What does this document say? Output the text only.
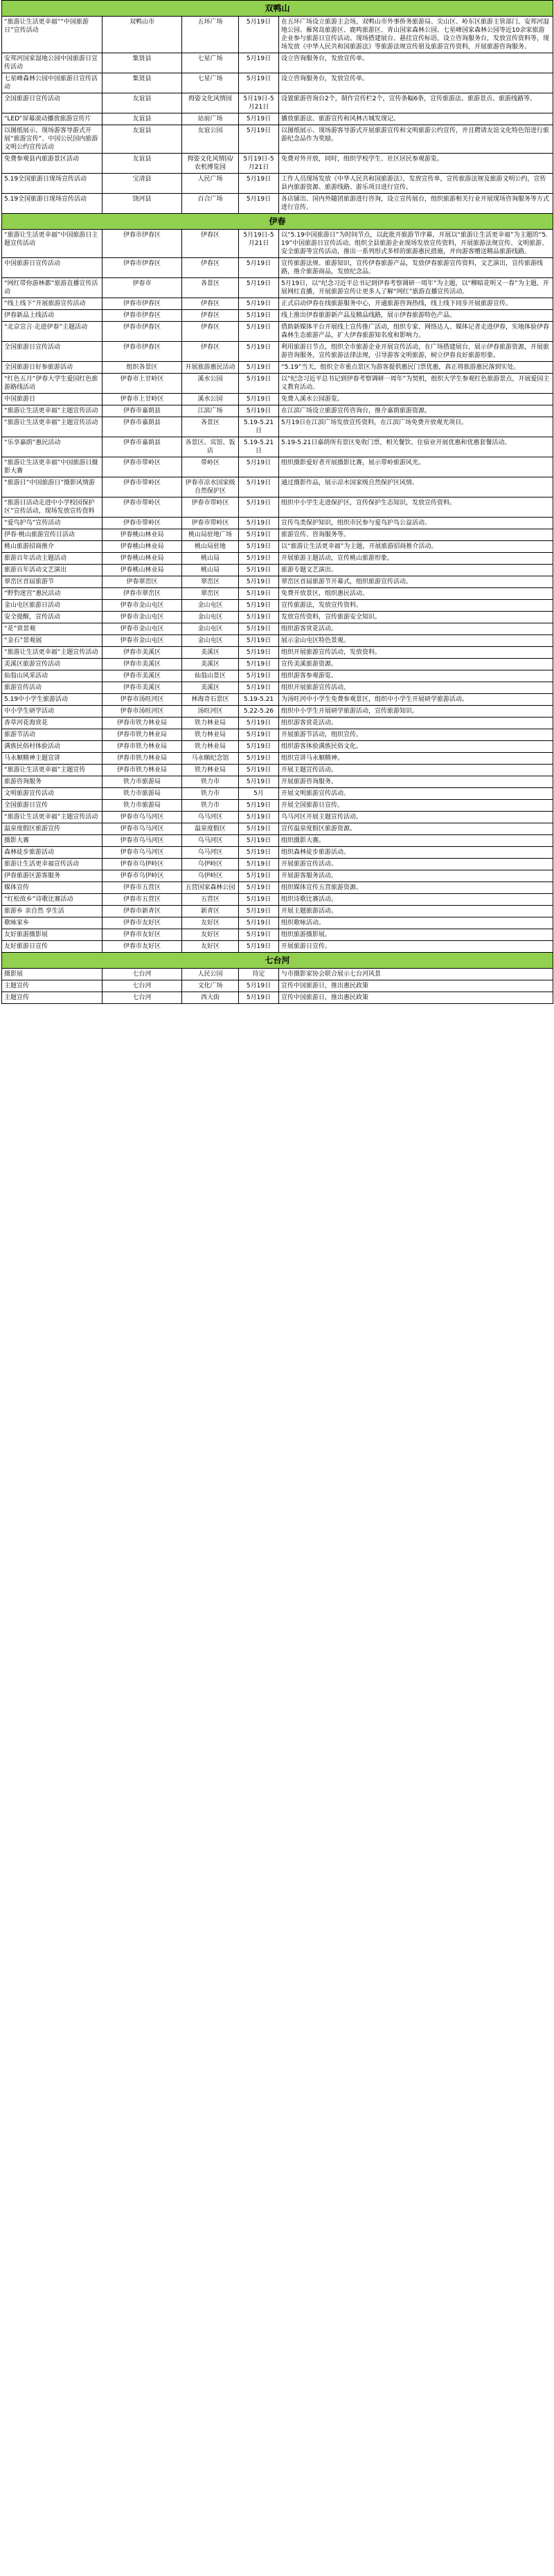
双鸭山				
“旅游让生活更幸福”“中国旅游日”宣传活动	双鸭山市	五环广场	5月19日	在五环广场设立旅游主会场，双鸭山市外事侨务旅游局、尖山区、岭东区旅游主管部门、安邦河湿地公园、雁窝岛旅游区、鹿鸣旅游区、青山国家森林公园、七星峰国家森林公园等近10余家旅游企业参与旅游日宣传活动。现场搭建展台、悬挂宣传标语，设立咨询服务台，发放宣传资料等，现场发放《中华人民共和国旅游法》等旅游法规宣传册及旅游宣传资料，开展旅游咨询服务。
安邦河国家湿地公园中国旅游日宣传活动	集贤县	七星广场	5月19日	设立咨询服务台，发放宣传单。
七星峰森林公园中国旅游日宣传活动	集贤县	七星广场	5月19日	设立咨询服务台，发放宣传单。
全国旅游日宣传活动	友谊县	拇姿文化风情园	5月19日-5月21日	设置旅游咨询台2个，制作宣传栏2个，宣传条幅6条，宣传旅游法、旅游景点、旅游线路等。
“LED”屏幕滚动播放旅游宣传片	友谊县	站前广场	5月19日	播放旅游法、旅游宣传和风林古城发现记。
以图纸展示、现场游客导游式开展“旅游宣传”、中国公民国内旅游文明公约宣传活动	友谊县	友谊公园	5月19日	以图纸展示、现场游客导游式开展旅游宣传和文明旅游公约宣传，并且聘请友谊文化特色馆进行旅游纪念品作为奖励。
免费参观县内旅游景区活动	友谊县	拇姿文化风情园/农机博览园	5月19日-5月21日	免费对外开放，同时，组织学校学生、社区居民参观游览。
5.19全国旅游日现场宣传活动	宝清县	人民广场	5月19日	工作人员现场发放《中华人民共和国旅游法》，发放宣传单，宣传旅游法规及旅游文明公约，宣传县内旅游资源、旅游线路、游乐项目进行宣传。
5.19全国旅游日现场宣传活动	饶河县	百合广场	5月19日	各店铺出、国内外随团旅游进行咨询，设立宣传展台，组织旅游相关行业开展现场咨询服务等方式进行宣传。
伊春				
“旅游让生活更幸福”中国旅游日主题宣传活动	伊春市伊春区	伊春区	5月19日-5月21日	以“5.19中国旅游日”为时间节点，以此批开旅游节序幕，开展以“旅游让生活更幸福”为主题的“5.19”中国旅游日宣传活动。组织全县旅游企业现场发放宣传资料，开展旅游法规宣传、文明旅游、安全旅游等宣传活动，推出一系列形式多样的旅游惠民措施，并向游客赠送精品旅游线路。
中国旅游日宣传活动	伊春市伊春区	伊春区	5月19日	宣传旅游法规、旅游知识，宣传伊春旅游产品，发放伊春旅游宣传资料，文艺演出，宣传旅游线路，推介旅游商品，发放纪念品。
“网红带你游林都”旅游直播宣传活动	伊春市	各景区	5月19日	5月19日，以“纪念习近平总书记到伊春考察调研一周年”为主题，以“柳暗花明又一春”为主题，开展网红直播，开展旅游宣传让更多人了解“网红”旅游直播宣传活动。
“线上线下”开展旅游宣传活动	伊春市伊春区	伊春区	5月19日	正式启动伊春在线旅游服务中心，开通旅游咨询热线，线上线下同步开展旅游宣传。
伊春新品上线活动	伊春市伊春区	伊春区	5月19日	线上推出伊春旅游新产品及精品线路，展示伊春旅游特色产品。
“北京宣言·走进伊春”主题活动	伊春市伊春区	伊春区	5月19日	借助新媒体平台开展线上宣传推广活动，组织专家、网络达人、媒体记者走进伊春，实地体验伊春森林生态旅游产品，扩大伊春旅游知名度和影响力。
全国旅游日宣传活动	伊春市伊春区	伊春区	5月19日	利用旅游日节点，组织全市旅游企业开展宣传活动，在广场搭建展台，展示伊春旅游资源，开展旅游咨询服务，宣传旅游法律法规，引导游客文明旅游，树立伊春良好旅游形象。
全国旅游日好参旅游活动	组织各景区	开展旅游惠民活动	5月19日	“5.19”当天，组织全市重点景区为游客提供惠民门票优惠，真正将旅游惠民落到实处。
“红色五月”伊春大学生爱国红色旅游路线活动	伊春市上甘岭区	溪水公园	5月19日	以“纪念习近平总书记到伊春考察调研一周年”为契机，组织大学生参观红色旅游景点，开展爱国主义教育活动。
中国旅游日	伊春市上甘岭区	溪水公园	5月19日	免费入溪水公园游览。
“旅游让生活更幸福”主题宣传活动	伊春市嘉荫县	江滨广场	5月19日	在江滨广场设立旅游宣传咨询台，推介嘉荫旅游资源。
“旅游让生活更幸福”主题宣传活动	伊春市嘉荫县	各景区	5.19-5.21日	5月19日在江滨广场发放宣传资料，在江滨广场免费开放观光项目。
“乐享嘉荫”惠民活动	伊春市嘉荫县	各景区、宾馆、饭店	5.19-5.21日	5.19-5.21日嘉荫所有景区免收门票，相关餐饮、住宿业开展优惠和优惠套餐活动。
“旅游让生活更幸福”中国旅游日摄影大赛	伊春市带岭区	带岭区	5月19日	组织摄影爱好者开展摄影比赛，展示带岭旅游风光。
“旅游日”中国旅游日”摄影风情游	伊春市带岭区	伊春市凉水国家级自然保护区	5月19日	通过摄影作品，展示凉水国家级自然保护区风情。
“旅游日活动走进中小学校园保护区”宣传活动，现场发放宣传资料	伊春市带岭区	伊春市带岭区	5月19日	组织中小学生走进保护区，宣传保护生态知识，发放宣传资料。
“爱鸟护鸟”宣传活动	伊春市带岭区	伊春市带岭区	5月19日	宣传鸟类保护知识，组织市民参与爱鸟护鸟公益活动。
伊春·桃山旅游宣传日活动	伊春桃山林业局	桃山局驻地广场	5月19日	旅游宣传、咨询服务等。
桃山旅游招商推介	伊春桃山林业局	桃山局驻地	5月19日	以“旅游让生活更幸福”为主题，开展旅游招商推介活动。
旅游百年活动主题活动	伊春桃山林业局	桃山局	5月19日	开展旅游主题活动，宣传桃山旅游形象。
旅游百年活动文艺演出	伊春桃山林业局	桃山局	5月19日	旅游专题文艺演出。
翠峦区首届旅游节	伊春翠峦区	翠峦区	5月19日	翠峦区首届旅游节开幕式，组织旅游宣传活动。
“野豹迷宫”惠民活动	伊春市翠峦区	翠峦区	5月19日	免费开放景区，组织惠民活动。
金山屯区旅游日活动	伊春市金山屯区	金山屯区	5月19日	宣传旅游法，发放宣传资料。
安全提醒，宣传活动	伊春市金山屯区	金山屯区	5月19日	发放宣传资料，宣传旅游安全知识。
“花”赏景观	伊春市金山屯区	金山屯区	5月19日	组织游客赏花活动。
“金石”景观展	伊春市金山屯区	金山屯区	5月19日	展示金山屯区特色景观。
“旅游让生活更幸福”主题宣传活动	伊春市美溪区	美溪区	5月19日	组织开展旅游宣传活动，发放资料。
美溪区旅游宣传活动	伊春市美溪区	美溪区	5月19日	宣传美溪旅游资源。
仙翁山风采活动	伊春市美溪区	仙翁山景区	5月19日	组织游客参观游览。
旅游宣传活动	伊春市美溪区	美溪区	5月19日	组织开展旅游宣传活动。
5.19中小学生旅游活动	伊春市汤旺河区	林海奇石景区	5.19-5.21	为汤旺河中小学生免费参观景区，组织中小学生开展研学旅游活动。
中小学生研学活动	伊春市汤旺河区	汤旺河区	5.22-5.26	组织中小学生开展研学旅游活动，宣传旅游知识。
香草河花海赏花	伊春市铁力林业局	铁力林业局	5月19日	组织游客赏花活动。
旅游节活动	伊春市铁力林业局	铁力林业局	5月19日	开展旅游节活动，组织宣传。
满族民俗村体验活动	伊春市铁力林业局	铁力林业局	5月19日	组织游客体验满族民俗文化。
马永顺精神主题宣讲	伊春市铁力林业局	马永顺纪念馆	5月19日	组织宣讲马永顺精神。
“旅游让生活更幸福”主题宣传	伊春市铁力林业局	铁力林业局	5月19日	开展主题宣传活动。
旅游咨询服务	铁力市旅游局	铁力市	5月19日	开展旅游咨询服务。
文明旅游宣传活动	铁力市旅游局	铁力市	5月	开展文明旅游宣传活动。
全国旅游日宣传	铁力市旅游局	铁力市	5月19日	开展全国旅游日宣传。
“旅游让生活更幸福”主题宣传活动	伊春市乌马河区	乌马河区	5月19日	乌马河区开展主题宣传活动。
温泉度假区旅游宣传	伊春市乌马河区	温泉度假区	5月19日	宣传温泉度假区旅游资源。
摄影大赛	伊春市乌马河区	乌马河区	5月19日	组织摄影大赛。
森林徒步旅游活动	伊春市乌马河区	乌马河区	5月19日	组织森林徒步旅游活动。
旅游让生活更幸福宣传活动	伊春市乌伊岭区	乌伊岭区	5月19日	开展旅游宣传活动。
伊春旅游区游客服务	伊春市乌伊岭区	乌伊岭区	5月19日	开展游客服务活动。
媒体宣传	伊春市五营区	五营国家森林公园	5月19日	组织媒体宣传五营旅游资源。
“红松故乡”诗歌比赛活动	伊春市五营区	五营区	5月19日	组织诗歌比赛活动。
旅游乡 亲自然 享生活	伊春市新青区	新青区	5月19日	开展主题旅游活动。
歌咏家乡	伊春市友好区	友好区	5月19日	组织歌咏活动。
友好旅游摄影展	伊春市友好区	友好区	5月19日	组织旅游摄影展。
友好旅游日宣传	伊春市友好区	友好区	5月19日	开展旅游日宣传。
七台河				
摄影展	七台河	人民公园	待定	与市摄影家协会联合展示七台河风景
主题宣传	七台河	文化广场	5月19日	宣传中国旅游日，推出惠民政策
主题宣传	七台河	西大街	5月19日	宣传中国旅游日，推出惠民政策
